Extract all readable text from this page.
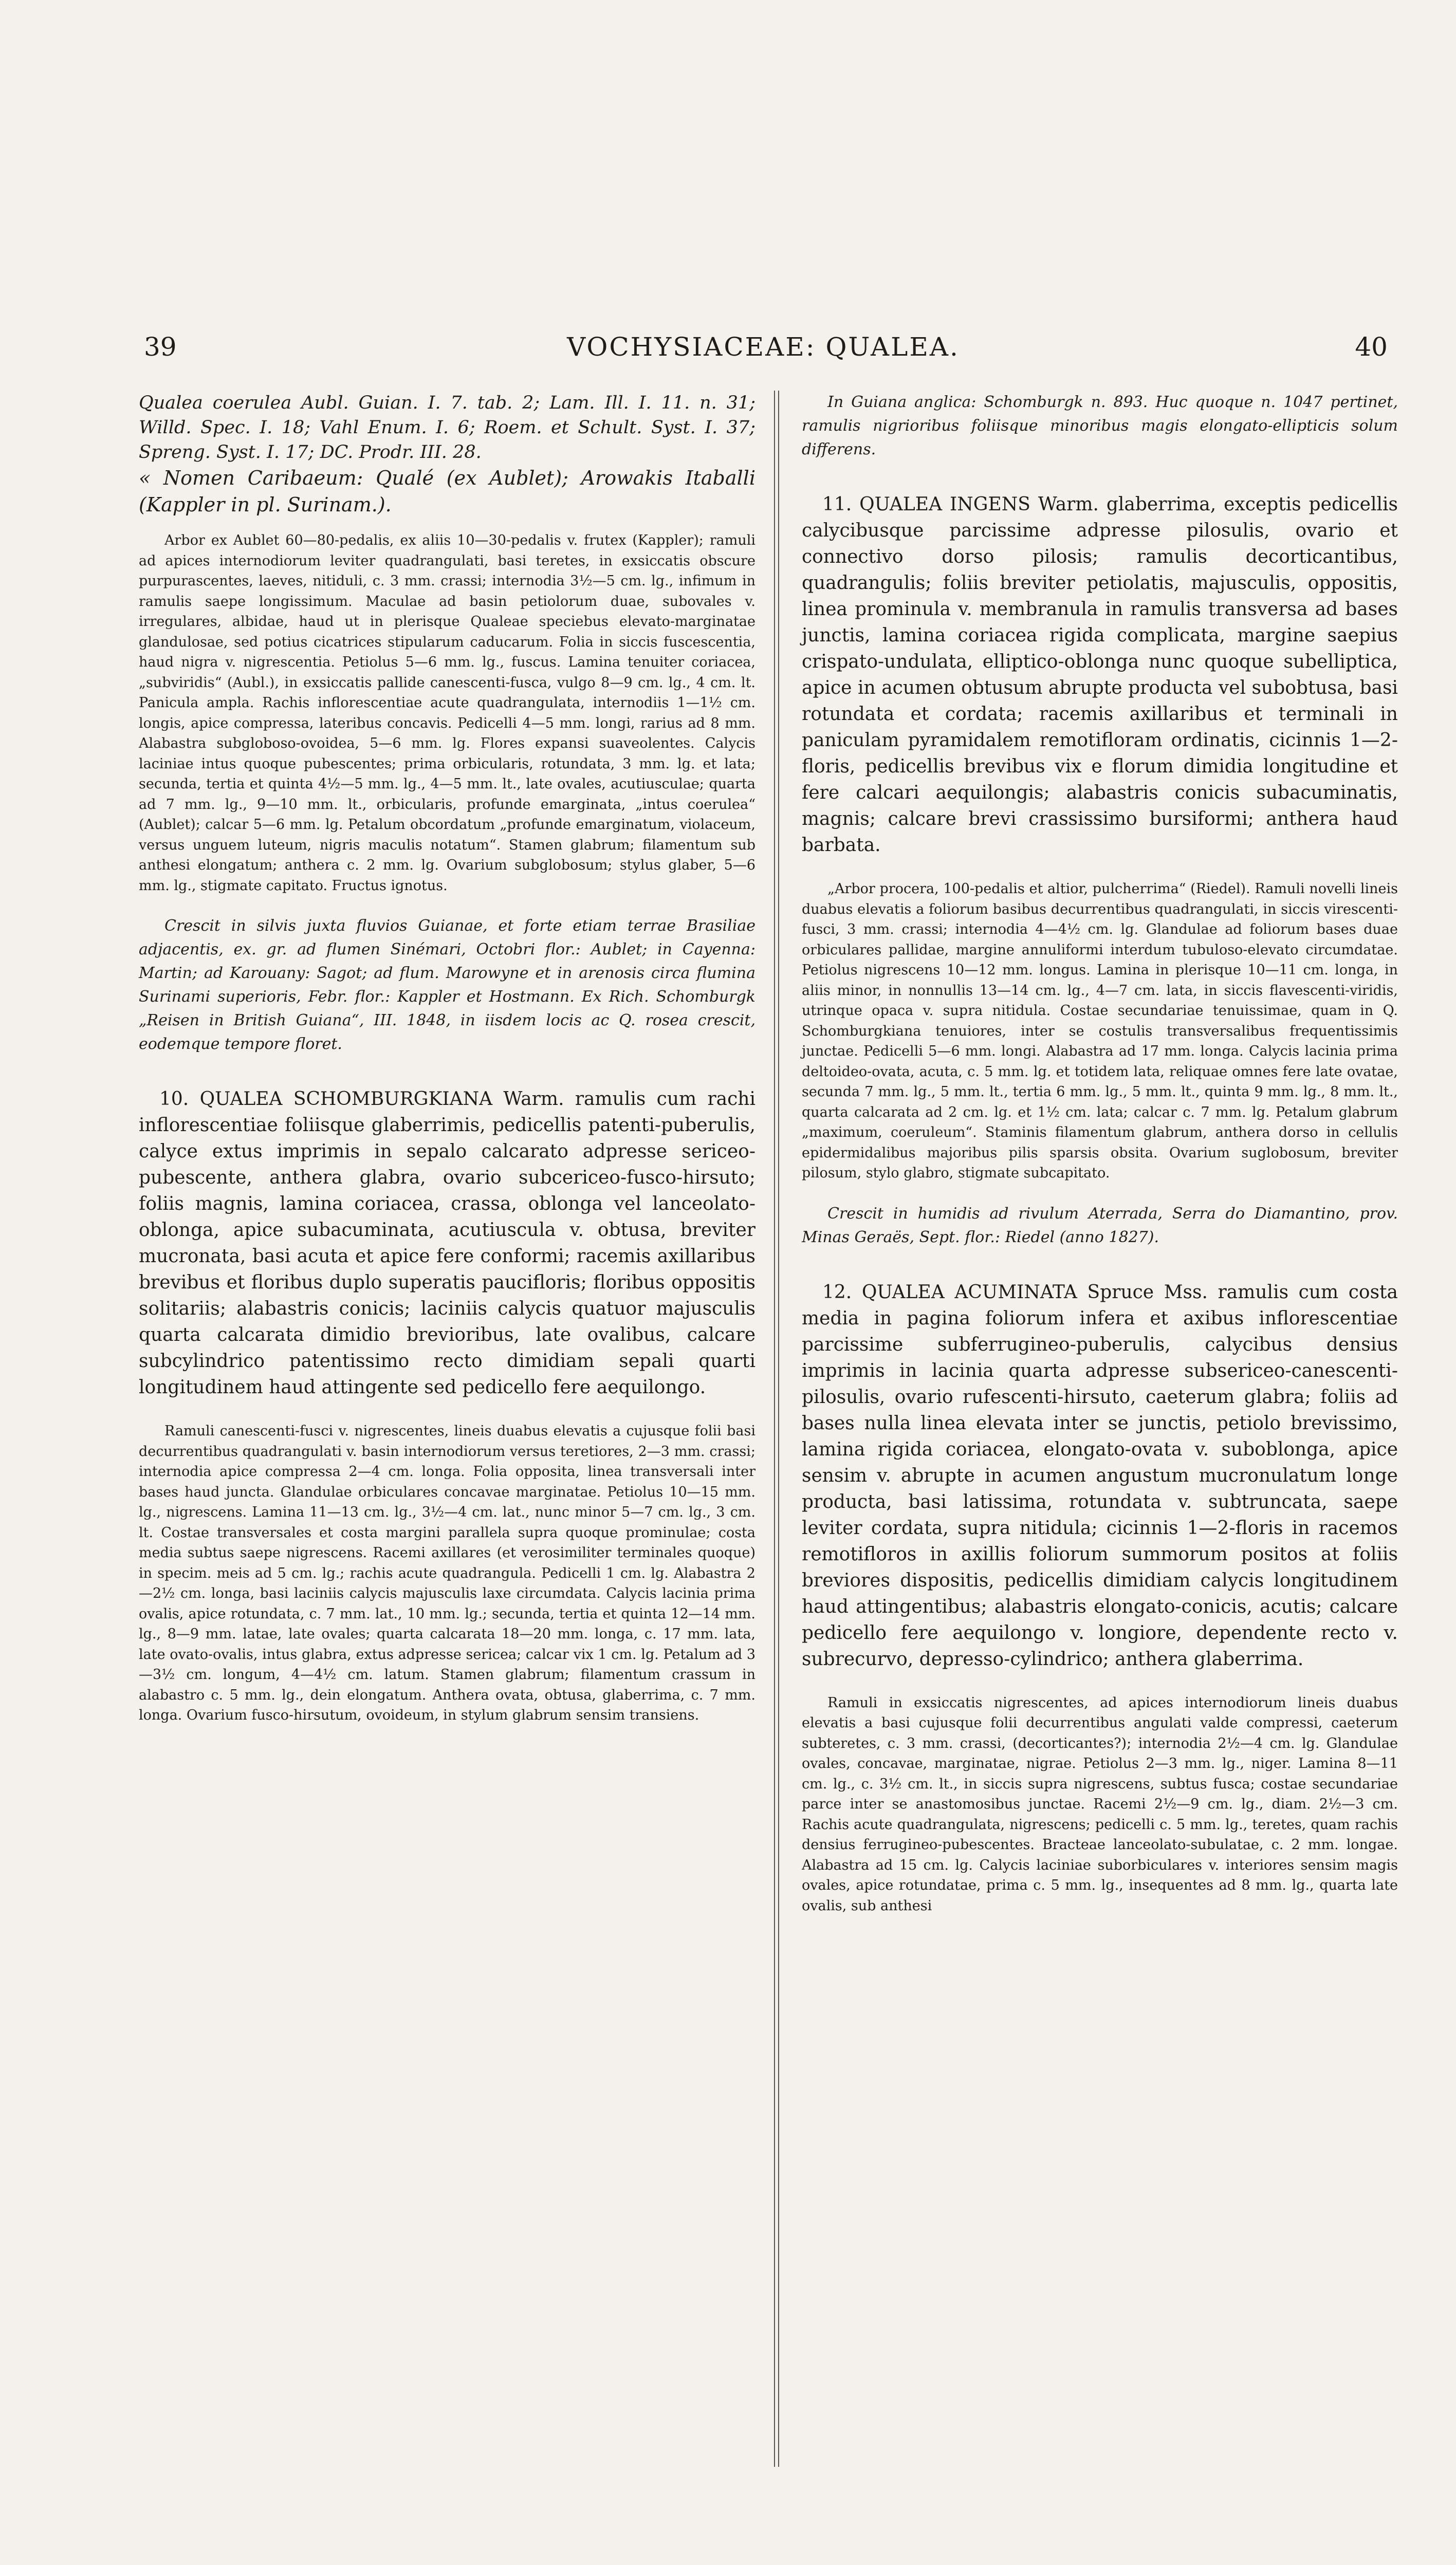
39	VOCHYSIACEAE: QUALEA.	40

Qualea coerulea Aubl. Guian. I. 7. tab. 2; Lam. Ill. I. 11. n. 31; Willd. Spec. I. 18; Vahl Enum. I. 6; Roem. et Schult. Syst. I. 37; Spreng. Syst. I. 17; DC. Prodr. III. 28.

« Nomen Caribaeum: Qualé (ex Aublet); Arowakis Itaballi (Kappler in pl. Surinam.).

Arbor ex Aublet 60—80-pedalis, ex aliis 10—30-pedalis v. frutex (Kappler); ramuli ad apices internodiorum leviter quadrangulati, basi teretes, in exsiccatis obscure purpurascentes, laeves, nitiduli, c. 3 mm. crassi; internodia 3½—5 cm. lg., infimum in ramulis saepe longissimum. Maculae ad basin petiolorum duae, subovales v. irregulares, albidae, haud ut in plerisque Qualeae speciebus elevato-marginatae glandulosae, sed potius cicatrices stipularum caducarum. Folia in siccis fuscescentia, haud nigra v. nigrescentia. Petiolus 5—6 mm. lg., fuscus. Lamina tenuiter coriacea, „subviridis“ (Aubl.), in exsiccatis pallide canescenti-fusca, vulgo 8—9 cm. lg., 4 cm. lt. Panicula ampla. Rachis inflorescentiae acute quadrangulata, internodiis 1—1½ cm. longis, apice compressa, lateribus concavis. Pedicelli 4—5 mm. longi, rarius ad 8 mm. Alabastra subgloboso-ovoidea, 5—6 mm. lg. Flores expansi suaveolentes. Calycis laciniae intus quoque pubescentes; prima orbicularis, rotundata, 3 mm. lg. et lata; secunda, tertia et quinta 4½—5 mm. lg., 4—5 mm. lt., late ovales, acutiusculae; quarta ad 7 mm. lg., 9—10 mm. lt., orbicularis, profunde emarginata, „intus coerulea“ (Aublet); calcar 5—6 mm. lg. Petalum obcordatum „profunde emarginatum, violaceum, versus unguem luteum, nigris maculis notatum“. Stamen glabrum; filamentum sub anthesi elongatum; anthera c. 2 mm. lg. Ovarium subglobosum; stylus glaber, 5—6 mm. lg., stigmate capitato. Fructus ignotus.

Crescit in silvis juxta fluvios Guianae, et forte etiam terrae Brasiliae adjacentis, ex. gr. ad flumen Sinémari, Octobri flor.: Aublet; in Cayenna: Martin; ad Karouany: Sagot; ad flum. Marowyne et in arenosis circa flumina Surinami superioris, Febr. flor.: Kappler et Hostmann. Ex Rich. Schomburgk „Reisen in British Guiana“, III. 1848, in iisdem locis ac Q. rosea crescit, eodemque tempore floret.

10. QUALEA SCHOMBURGKIANA Warm. ramulis cum rachi inflorescentiae foliisque glaberrimis, pedicellis patenti-puberulis, calyce extus imprimis in sepalo calcarato adpresse sericeo-pubescente, anthera glabra, ovario subcericeo-fusco-hirsuto; foliis magnis, lamina coriacea, crassa, oblonga vel lanceolato-oblonga, apice subacuminata, acutiuscula v. obtusa, breviter mucronata, basi acuta et apice fere conformi; racemis axillaribus brevibus et floribus duplo superatis paucifloris; floribus oppositis solitariis; alabastris conicis; laciniis calycis quatuor majusculis quarta calcarata dimidio brevioribus, late ovalibus, calcare subcylindrico patentissimo recto dimidiam sepali quarti longitudinem haud attingente sed pedicello fere aequilongo.

Ramuli canescenti-fusci v. nigrescentes, lineis duabus elevatis a cujusque folii basi decurrentibus quadrangulati v. basin internodiorum versus teretiores, 2—3 mm. crassi; internodia apice compressa 2—4 cm. longa. Folia opposita, linea transversali inter bases haud juncta. Glandulae orbiculares concavae marginatae. Petiolus 10—15 mm. lg., nigrescens. Lamina 11—13 cm. lg., 3½—4 cm. lat., nunc minor 5—7 cm. lg., 3 cm. lt. Costae transversales et costa margini parallela supra quoque prominulae; costa media subtus saepe nigrescens. Racemi axillares (et verosimiliter terminales quoque) in specim. meis ad 5 cm. lg.; rachis acute quadrangula. Pedicelli 1 cm. lg. Alabastra 2—2½ cm. longa, basi laciniis calycis majusculis laxe circumdata. Calycis lacinia prima ovalis, apice rotundata, c. 7 mm. lat., 10 mm. lg.; secunda, tertia et quinta 12—14 mm. lg., 8—9 mm. latae, late ovales; quarta calcarata 18—20 mm. longa, c. 17 mm. lata, late ovato-ovalis, intus glabra, extus adpresse sericea; calcar vix 1 cm. lg. Petalum ad 3—3½ cm. longum, 4—4½ cm. latum. Stamen glabrum; filamentum crassum in alabastro c. 5 mm. lg., dein elongatum. Anthera ovata, obtusa, glaberrima, c. 7 mm. longa. Ovarium fusco-hirsutum, ovoideum, in stylum glabrum sensim transiens.

In Guiana anglica: Schomburgk n. 893. Huc quoque n. 1047 pertinet, ramulis nigrioribus foliisque minoribus magis elongato-ellipticis solum differens.

11. QUALEA INGENS Warm. glaberrima, exceptis pedicellis calycibusque parcissime adpresse pilosulis, ovario et connectivo dorso pilosis; ramulis decorticantibus, quadrangulis; foliis breviter petiolatis, majusculis, oppositis, linea prominula v. membranula in ramulis transversa ad bases junctis, lamina coriacea rigida complicata, margine saepius crispato-undulata, elliptico-oblonga nunc quoque subelliptica, apice in acumen obtusum abrupte producta vel subobtusa, basi rotundata et cordata; racemis axillaribus et terminali in paniculam pyramidalem remotifloram ordinatis, cicinnis 1—2-floris, pedicellis brevibus vix e florum dimidia longitudine et fere calcari aequilongis; alabastris conicis subacuminatis, magnis; calcare brevi crassissimo bursiformi; anthera haud barbata.

„Arbor procera, 100-pedalis et altior, pulcherrima“ (Riedel). Ramuli novelli lineis duabus elevatis a foliorum basibus decurrentibus quadrangulati, in siccis virescenti-fusci, 3 mm. crassi; internodia 4—4½ cm. lg. Glandulae ad foliorum bases duae orbiculares pallidae, margine annuliformi interdum tubuloso-elevato circumdatae. Petiolus nigrescens 10—12 mm. longus. Lamina in plerisque 10—11 cm. longa, in aliis minor, in nonnullis 13—14 cm. lg., 4—7 cm. lata, in siccis flavescenti-viridis, utrinque opaca v. supra nitidula. Costae secundariae tenuissimae, quam in Q. Schomburgkiana tenuiores, inter se costulis transversalibus frequentissimis junctae. Pedicelli 5—6 mm. longi. Alabastra ad 17 mm. longa. Calycis lacinia prima deltoideo-ovata, acuta, c. 5 mm. lg. et totidem lata, reliquae omnes fere late ovatae, secunda 7 mm. lg., 5 mm. lt., tertia 6 mm. lg., 5 mm. lt., quinta 9 mm. lg., 8 mm. lt., quarta calcarata ad 2 cm. lg. et 1½ cm. lata; calcar c. 7 mm. lg. Petalum glabrum „maximum, coeruleum“. Staminis filamentum glabrum, anthera dorso in cellulis epidermidalibus majoribus pilis sparsis obsita. Ovarium suglobosum, breviter pilosum, stylo glabro, stigmate subcapitato.

Crescit in humidis ad rivulum Aterrada, Serra do Diamantino, prov. Minas Geraës, Sept. flor.: Riedel (anno 1827).

12. QUALEA ACUMINATA Spruce Mss. ramulis cum costa media in pagina foliorum infera et axibus inflorescentiae parcissime subferrugineo-puberulis, calycibus densius imprimis in lacinia quarta adpresse subsericeo-canescenti-pilosulis, ovario rufescenti-hirsuto, caeterum glabra; foliis ad bases nulla linea elevata inter se junctis, petiolo brevissimo, lamina rigida coriacea, elongato-ovata v. suboblonga, apice sensim v. abrupte in acumen angustum mucronulatum longe producta, basi latissima, rotundata v. subtruncata, saepe leviter cordata, supra nitidula; cicinnis 1—2-floris in racemos remotifloros in axillis foliorum summorum positos at foliis breviores dispositis, pedicellis dimidiam calycis longitudinem haud attingentibus; alabastris elongato-conicis, acutis; calcare pedicello fere aequilongo v. longiore, dependente recto v. subrecurvo, depresso-cylindrico; anthera glaberrima.

Ramuli in exsiccatis nigrescentes, ad apices internodiorum lineis duabus elevatis a basi cujusque folii decurrentibus angulati valde compressi, caeterum subteretes, c. 3 mm. crassi, (decorticantes?); internodia 2½—4 cm. lg. Glandulae ovales, concavae, marginatae, nigrae. Petiolus 2—3 mm. lg., niger. Lamina 8—11 cm. lg., c. 3½ cm. lt., in siccis supra nigrescens, subtus fusca; costae secundariae parce inter se anastomosibus junctae. Racemi 2½—9 cm. lg., diam. 2½—3 cm. Rachis acute quadrangulata, nigrescens; pedicelli c. 5 mm. lg., teretes, quam rachis densius ferrugineo-pubescentes. Bracteae lanceolato-subulatae, c. 2 mm. longae. Alabastra ad 15 cm. lg. Calycis laciniae suborbiculares v. interiores sensim magis ovales, apice rotundatae, prima c. 5 mm. lg., insequentes ad 8 mm. lg., quarta late ovalis, sub anthesi
